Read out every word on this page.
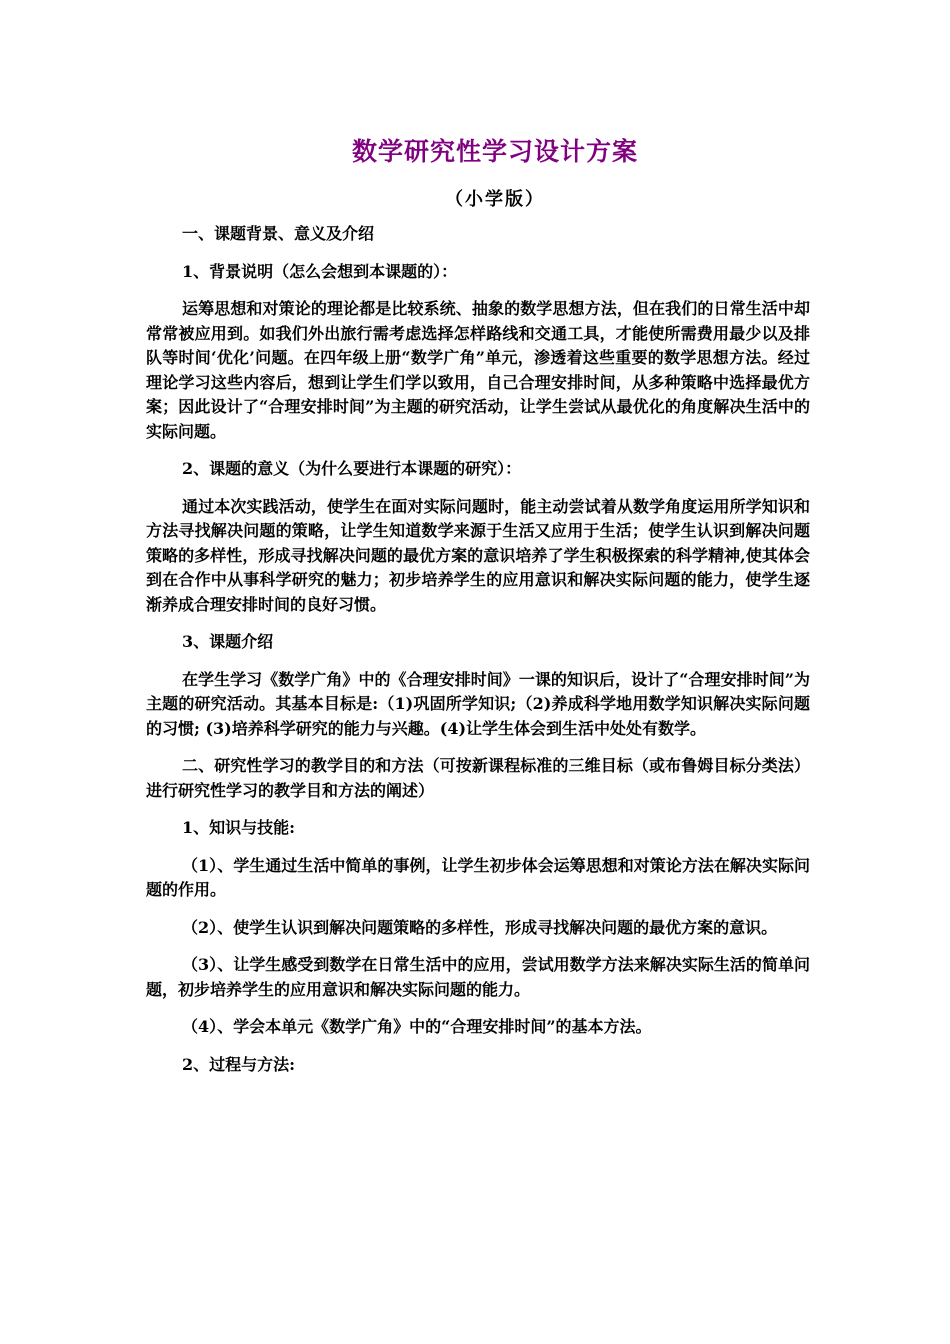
数学研究性学习设计方案
（小学版）

一、课题背景、意义及介绍

1、背景说明（怎么会想到本课题的）：

运筹思想和对策论的理论都是比较系统、抽象的数学思想方法，但在我们的日常生活中却常常被应用到。如我们外出旅行需考虑选择怎样路线和交通工具，才能使所需费用最少以及排队等时间‘优化’问题。在四年级上册“数学广角”单元，渗透着这些重要的数学思想方法。经过理论学习这些内容后，想到让学生们学以致用，自己合理安排时间，从多种策略中选择最优方案；因此设计了“合理安排时间”为主题的研究活动，让学生尝试从最优化的角度解决生活中的实际问题。

2、课题的意义（为什么要进行本课题的研究）：

通过本次实践活动，使学生在面对实际问题时，能主动尝试着从数学角度运用所学知识和方法寻找解决问题的策略，让学生知道数学来源于生活又应用于生活；使学生认识到解决问题策略的多样性，形成寻找解决问题的最优方案的意识培养了学生积极探索的科学精神,使其体会到在合作中从事科学研究的魅力；初步培养学生的应用意识和解决实际问题的能力，使学生逐渐养成合理安排时间的良好习惯。

3、课题介绍

在学生学习《数学广角》中的《合理安排时间》一课的知识后，设计了“合理安排时间”为主题的研究活动。其基本目标是:（1)巩固所学知识;（2)养成科学地用数学知识解决实际问题的习惯; (3)培养科学研究的能力与兴趣。(4)让学生体会到生活中处处有数学。

二、研究性学习的教学目的和方法（可按新课程标准的三维目标（或布鲁姆目标分类法）进行研究性学习的教学目和方法的阐述）

1、知识与技能:

（1）、学生通过生活中简单的事例，让学生初步体会运筹思想和对策论方法在解决实际问题的作用。

（2）、使学生认识到解决问题策略的多样性，形成寻找解决问题的最优方案的意识。

（3）、让学生感受到数学在日常生活中的应用，尝试用数学方法来解决实际生活的简单问题，初步培养学生的应用意识和解决实际问题的能力。

（4）、学会本单元《数学广角》中的“合理安排时间”的基本方法。

2、过程与方法:
